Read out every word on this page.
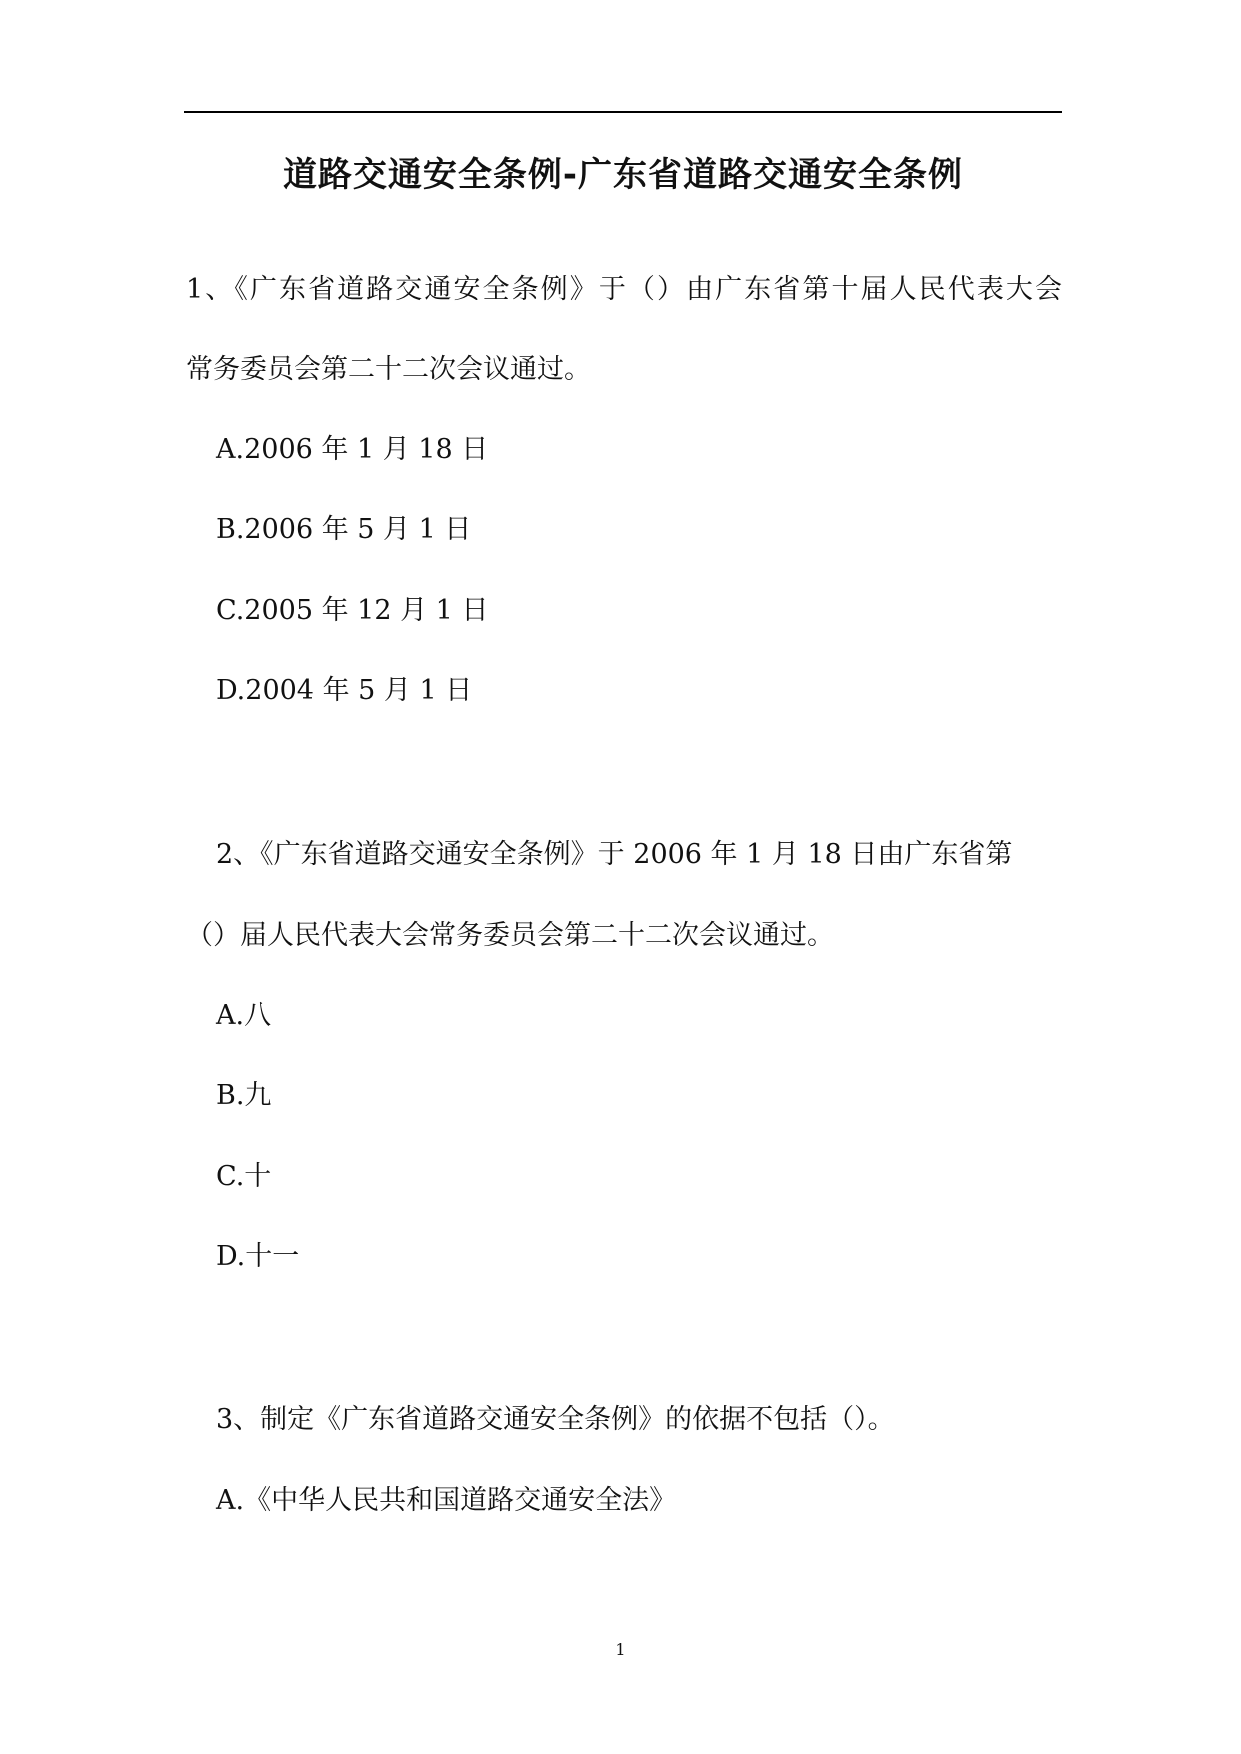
道路交通安全条例-广东省道路交通安全条例
1、《广东省道路交通安全条例》于（）由广东省第十届人民代表大会
常务委员会第二十二次会议通过。
A.2006 年 1 月 18 日
B.2006 年 5 月 1 日
C.2005 年 12 月 1 日
D.2004 年 5 月 1 日
2、《广东省道路交通安全条例》于 2006 年 1 月 18 日由广东省第
（）届人民代表大会常务委员会第二十二次会议通过。
A.八
B.九
C.十
D.十一
3、制定《广东省道路交通安全条例》的依据不包括（）。
A.《中华人民共和国道路交通安全法》
1
